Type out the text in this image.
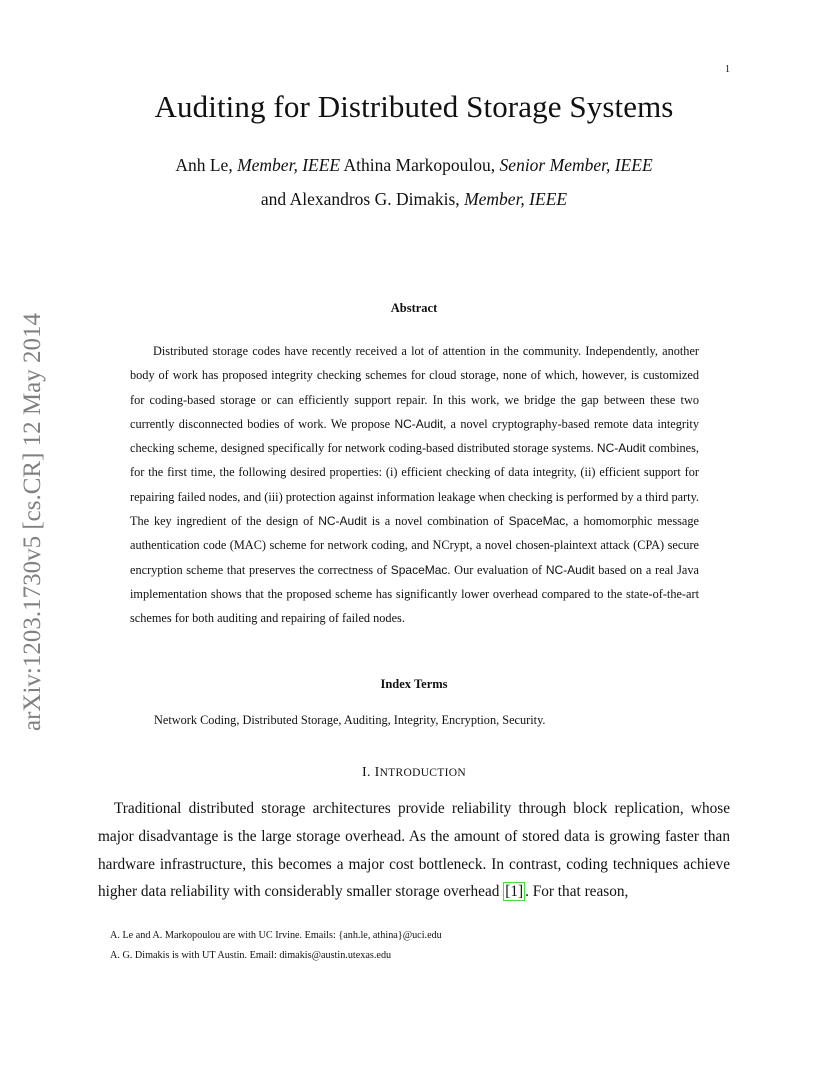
1
arXiv:1203.1730v5 [cs.CR] 12 May 2014
Auditing for Distributed Storage Systems
Anh Le, Member, IEEE Athina Markopoulou, Senior Member, IEEE
and Alexandros G. Dimakis, Member, IEEE
Abstract
Distributed storage codes have recently received a lot of attention in the community. Independently, another body of work has proposed integrity checking schemes for cloud storage, none of which, however, is customized for coding-based storage or can efficiently support repair. In this work, we bridge the gap between these two currently disconnected bodies of work. We propose NC-Audit, a novel cryptography-based remote data integrity checking scheme, designed specifically for network coding-based distributed storage systems. NC-Audit combines, for the first time, the following desired properties: (i) efficient checking of data integrity, (ii) efficient support for repairing failed nodes, and (iii) protection against information leakage when checking is performed by a third party. The key ingredient of the design of NC-Audit is a novel combination of SpaceMac, a homomorphic message authentication code (MAC) scheme for network coding, and NCrypt, a novel chosen-plaintext attack (CPA) secure encryption scheme that preserves the correctness of SpaceMac. Our evaluation of NC-Audit based on a real Java implementation shows that the proposed scheme has significantly lower overhead compared to the state-of-the-art schemes for both auditing and repairing of failed nodes.
Index Terms
Network Coding, Distributed Storage, Auditing, Integrity, Encryption, Security.
I. INTRODUCTION
Traditional distributed storage architectures provide reliability through block replication, whose major disadvantage is the large storage overhead. As the amount of stored data is growing faster than hardware infrastructure, this becomes a major cost bottleneck. In contrast, coding techniques achieve higher data reliability with considerably smaller storage overhead [1] . For that reason,
A. Le and A. Markopoulou are with UC Irvine. Emails: {anh.le, athina}@uci.edu
A. G. Dimakis is with UT Austin. Email: dimakis@austin.utexas.edu
